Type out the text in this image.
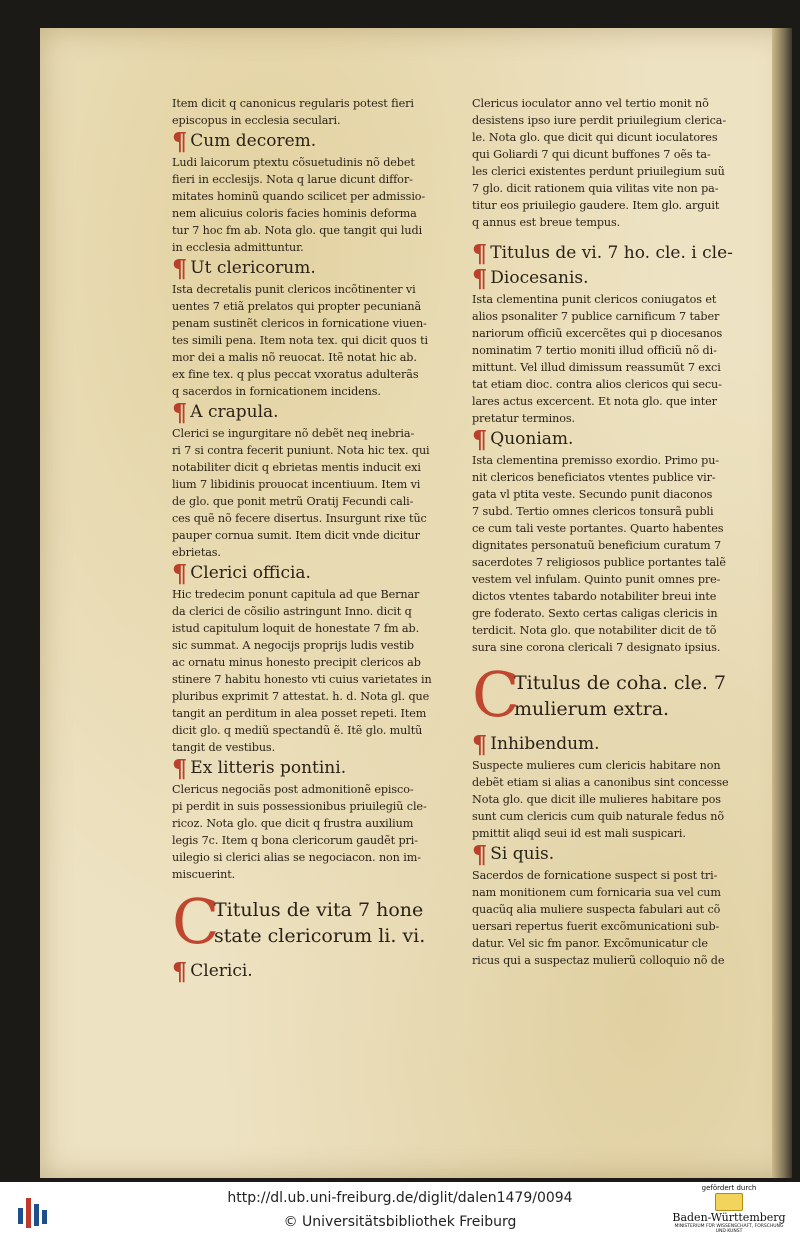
Item dicit q canonicus regularis potest fieri
episcopus in ecclesia seculari.
¶ Cum decorem.
Ludi laicorum ptextu cõsuetudinis nõ debet
fieri in ecclesijs. Nota q larue dicunt diffor-
mitates hominũ quando scilicet per admissio-
nem alicuius coloris facies hominis deforma
tur 7 hoc fm ab. Nota glo. que tangit qui ludi
in ecclesia admittuntur.
¶ Ut clericorum.
Ista decretalis punit clericos incõtinenter vi
uentes 7 etiã prelatos qui propter pecunianã
penam sustinẽt clericos in fornicatione viuen-
tes simili pena. Item nota tex. qui dicit quos ti
mor dei a malis nõ reuocat. Itẽ notat hic ab.
ex fine tex. q plus peccat vxoratus adulterãs
q sacerdos in fornicationem incidens.
¶ A crapula.
Clerici se ingurgitare nõ debẽt neq inebria-
ri 7 si contra fecerit puniunt. Nota hic tex. qui
notabiliter dicit q ebrietas mentis inducit exi
lium 7 libidinis prouocat incentiuum. Item vi
de glo. que ponit metrũ Oratij Fecundi cali-
ces quẽ nõ fecere disertus. Insurgunt rixe tũc
pauper cornua sumit. Item dicit vnde dicitur
ebrietas.
¶ Clerici officia.
Hic tredecim ponunt capitula ad que Bernar
da clerici de cõsilio astringunt Inno. dicit q
istud capitulum loquit de honestate 7 fm ab.
sic summat. A negocijs proprijs ludis vestib
ac ornatu minus honesto precipit clericos ab
stinere 7 habitu honesto vti cuius varietates in
pluribus exprimit 7 attestat. h. d. Nota gl. que
tangit an perditum in alea posset repeti. Item
dicit glo. q mediũ spectandũ ẽ. Itẽ glo. multũ
tangit de vestibus.
¶ Ex litteris pontini.
Clericus negociãs post admonitionẽ episco-
pi perdit in suis possessionibus priuilegiũ cle-
ricoz. Nota glo. que dicit q frustra auxilium
legis 7c. Item q bona clericorum gaudẽt pri-
uilegio si clerici alias se negociacon. non im-
miscuerint.
C
Titulus de vita 7 hone
state clericorum li. vi.
¶ Clerici.
Clericus ioculator anno vel tertio monit nõ
desistens ipso iure perdit priuilegium clerica-
le. Nota glo. que dicit qui dicunt ioculatores
qui Goliardi 7 qui dicunt buffones 7 oẽs ta-
les clerici existentes perdunt priuilegium suũ
7 glo. dicit rationem quia vilitas vite non pa-
titur eos priuilegio gaudere. Item glo. arguit
q annus est breue tempus.
¶ Titulus de vi. 7 ho. cle. i cle-
¶ Diocesanis.
Ista clementina punit clericos coniugatos et
alios psonaliter 7 publice carnificum 7 taber
nariorum officiũ excercẽtes qui p diocesanos
nominatim 7 tertio moniti illud officiũ nõ di-
mittunt. Vel illud dimissum reassumũt 7 exci
tat etiam dioc. contra alios clericos qui secu-
lares actus excercent. Et nota glo. que inter
pretatur terminos.
¶ Quoniam.
Ista clementina premisso exordio. Primo pu-
nit clericos beneficiatos vtentes publice vir-
gata vl ptita veste. Secundo punit diaconos
7 subd. Tertio omnes clericos tonsurã publi
ce cum tali veste portantes. Quarto habentes
dignitates personatuũ beneficium curatum 7
sacerdotes 7 religiosos publice portantes talẽ
vestem vel infulam. Quinto punit omnes pre-
dictos vtentes tabardo notabiliter breui inte
gre foderato. Sexto certas caligas clericis in
terdicit. Nota glo. que notabiliter dicit de tõ
sura sine corona clericali 7 designato ipsius.
C
Titulus de coha. cle. 7
mulierum extra.
¶ Inhibendum.
Suspecte mulieres cum clericis habitare non
debẽt etiam si alias a canonibus sint concesse
Nota glo. que dicit ille mulieres habitare pos
sunt cum clericis cum quib naturale fedus nõ
pmittit aliqd seui id est mali suspicari.
¶ Si quis.
Sacerdos de fornicatione suspect si post tri-
nam monitionem cum fornicaria sua vel cum
quacũq alia muliere suspecta fabulari aut cõ
uersari repertus fuerit excõmunicationi sub-
datur. Vel sic fm panor. Excõmunicatur cle
ricus qui a suspectaz mulierũ colloquio nõ de
http://dl.ub.uni-freiburg.de/diglit/dalen1479/0094
© Universitätsbibliothek Freiburg
gefördert durch
Baden-Württemberg
MINISTERIUM FÜR WISSENSCHAFT, FORSCHUNG UND KUNST
